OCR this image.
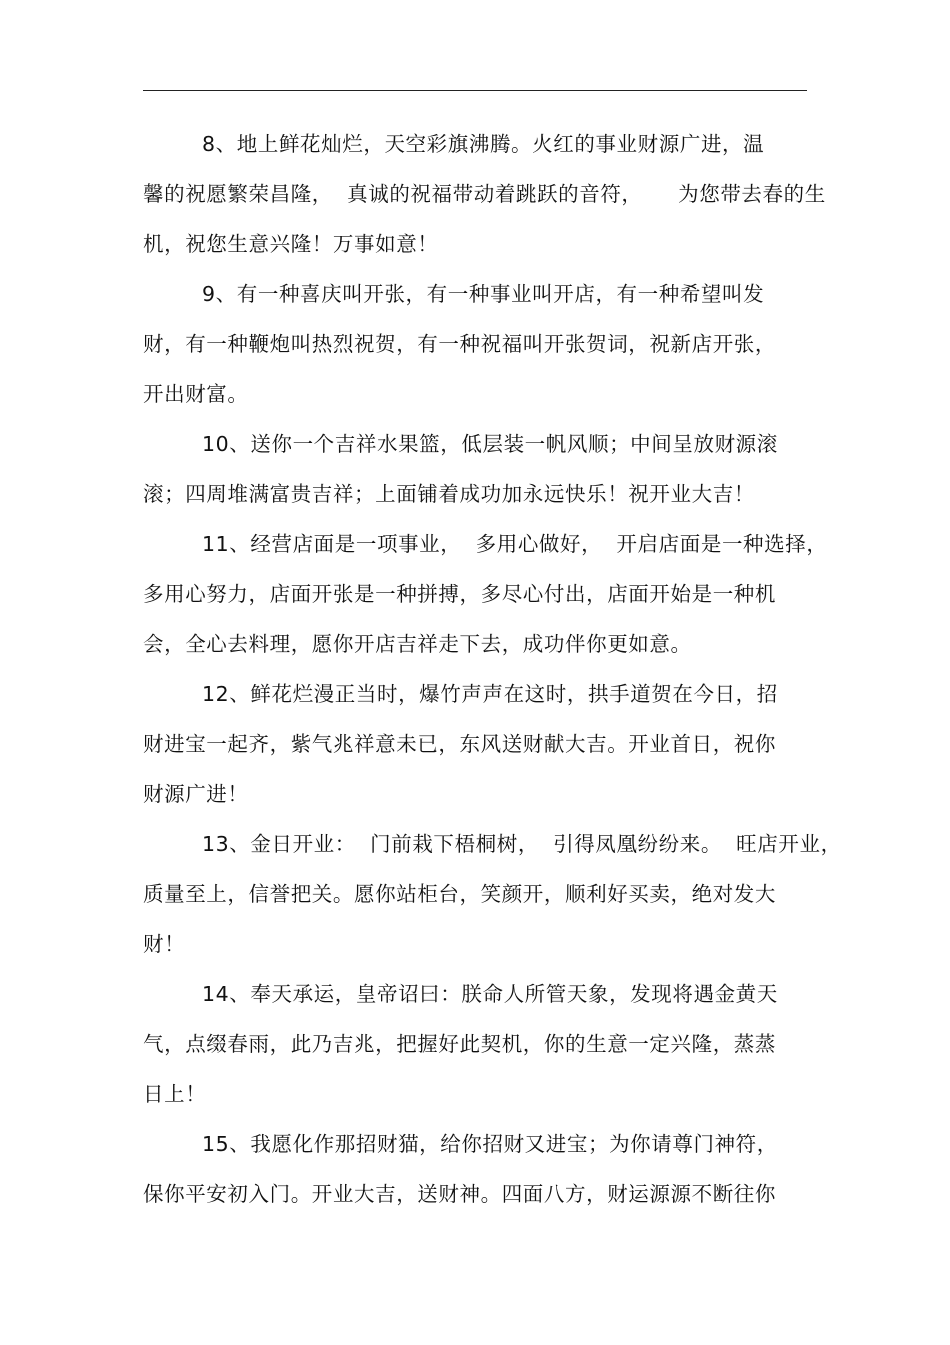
8、地上鲜花灿烂，天空彩旗沸腾。火红的事业财源广进，温
馨的祝愿繁荣昌隆，  真诚的祝福带动着跳跃的音符，     为您带去春的生
机，祝您生意兴隆！万事如意！
9、有一种喜庆叫开张，有一种事业叫开店，有一种希望叫发
财，有一种鞭炮叫热烈祝贺，有一种祝福叫开张贺词，祝新店开张，
开出财富。
10、送你一个吉祥水果篮，低层装一帆风顺；中间呈放财源滚
滚；四周堆满富贵吉祥；上面铺着成功加永远快乐！祝开业大吉！
11、经营店面是一项事业，  多用心做好，  开启店面是一种选择，
多用心努力，店面开张是一种拼搏，多尽心付出，店面开始是一种机
会，全心去料理，愿你开店吉祥走下去，成功伴你更如意。
12、鲜花烂漫正当时，爆竹声声在这时，拱手道贺在今日，招
财进宝一起齐，紫气兆祥意未已，东风送财献大吉。开业首日，祝你
财源广进！
13、金日开业：  门前栽下梧桐树，  引得凤凰纷纷来。  旺店开业，
质量至上，信誉把关。愿你站柜台，笑颜开，顺利好买卖，绝对发大
财！
14、奉天承运，皇帝诏曰：朕命人所管天象，发现将遇金黄天
气，点缀春雨，此乃吉兆，把握好此契机，你的生意一定兴隆，蒸蒸
日上！
15、我愿化作那招财猫，给你招财又进宝；为你请尊门神符，
保你平安初入门。开业大吉，送财神。四面八方，财运源源不断往你
